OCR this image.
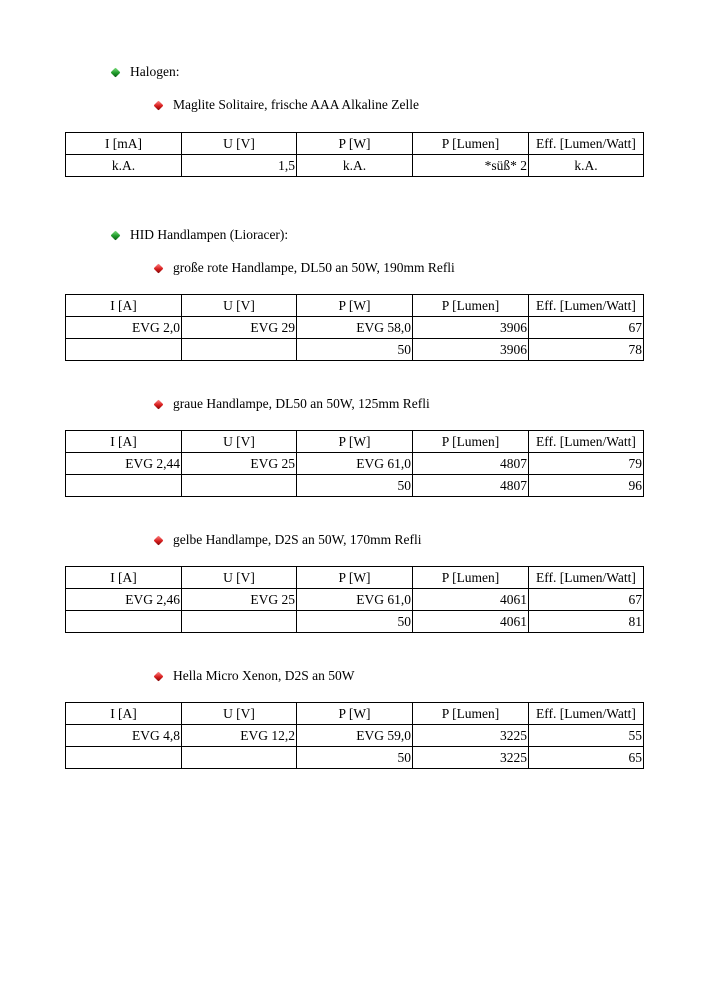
Halogen:
Maglite Solitaire, frische AAA Alkaline Zelle
I [mA]	U [V]	P [W]	P [Lumen]	Eff. [Lumen/Watt]
k.A.	1,5	k.A.	*süß* 2	k.A.
HID Handlampen (Lioracer):
große rote Handlampe, DL50 an 50W, 190mm Refli
I [A]	U [V]	P [W]	P [Lumen]	Eff. [Lumen/Watt]
EVG 2,0	EVG 29	EVG 58,0	3906	67
		50	3906	78
graue Handlampe, DL50 an 50W, 125mm Refli
I [A]	U [V]	P [W]	P [Lumen]	Eff. [Lumen/Watt]
EVG 2,44	EVG 25	EVG 61,0	4807	79
		50	4807	96
gelbe Handlampe, D2S an 50W, 170mm Refli
I [A]	U [V]	P [W]	P [Lumen]	Eff. [Lumen/Watt]
EVG 2,46	EVG 25	EVG 61,0	4061	67
		50	4061	81
Hella Micro Xenon, D2S an 50W
I [A]	U [V]	P [W]	P [Lumen]	Eff. [Lumen/Watt]
EVG 4,8	EVG 12,2	EVG 59,0	3225	55
		50	3225	65
